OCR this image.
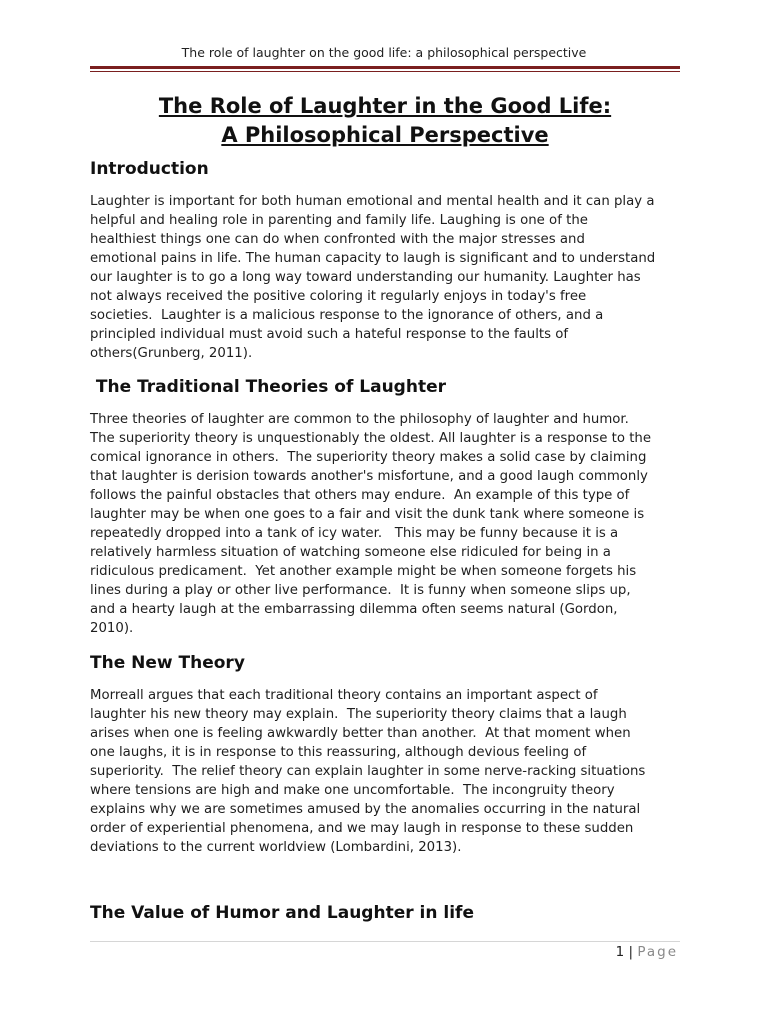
The role of laughter on the good life: a philosophical perspective
The Role of Laughter in the Good Life:
A Philosophical Perspective
Introduction
Laughter is important for both human emotional and mental health and it can play a
helpful and healing role in parenting and family life. Laughing is one of the
healthiest things one can do when confronted with the major stresses and
emotional pains in life. The human capacity to laugh is significant and to understand
our laughter is to go a long way toward understanding our humanity. Laughter has
not always received the positive coloring it regularly enjoys in today's free
societies.  Laughter is a malicious response to the ignorance of others, and a
principled individual must avoid such a hateful response to the faults of
others(Grunberg, 2011).
The Traditional Theories of Laughter
Three theories of laughter are common to the philosophy of laughter and humor.
The superiority theory is unquestionably the oldest. All laughter is a response to the
comical ignorance in others.  The superiority theory makes a solid case by claiming
that laughter is derision towards another's misfortune, and a good laugh commonly
follows the painful obstacles that others may endure.  An example of this type of
laughter may be when one goes to a fair and visit the dunk tank where someone is
repeatedly dropped into a tank of icy water.   This may be funny because it is a
relatively harmless situation of watching someone else ridiculed for being in a
ridiculous predicament.  Yet another example might be when someone forgets his
lines during a play or other live performance.  It is funny when someone slips up,
and a hearty laugh at the embarrassing dilemma often seems natural (Gordon,
2010).
The New Theory
Morreall argues that each traditional theory contains an important aspect of
laughter his new theory may explain.  The superiority theory claims that a laugh
arises when one is feeling awkwardly better than another.  At that moment when
one laughs, it is in response to this reassuring, although devious feeling of
superiority.  The relief theory can explain laughter in some nerve-racking situations
where tensions are high and make one uncomfortable.  The incongruity theory
explains why we are sometimes amused by the anomalies occurring in the natural
order of experiential phenomena, and we may laugh in response to these sudden
deviations to the current worldview (Lombardini, 2013).
The Value of Humor and Laughter in life
1 | Page
